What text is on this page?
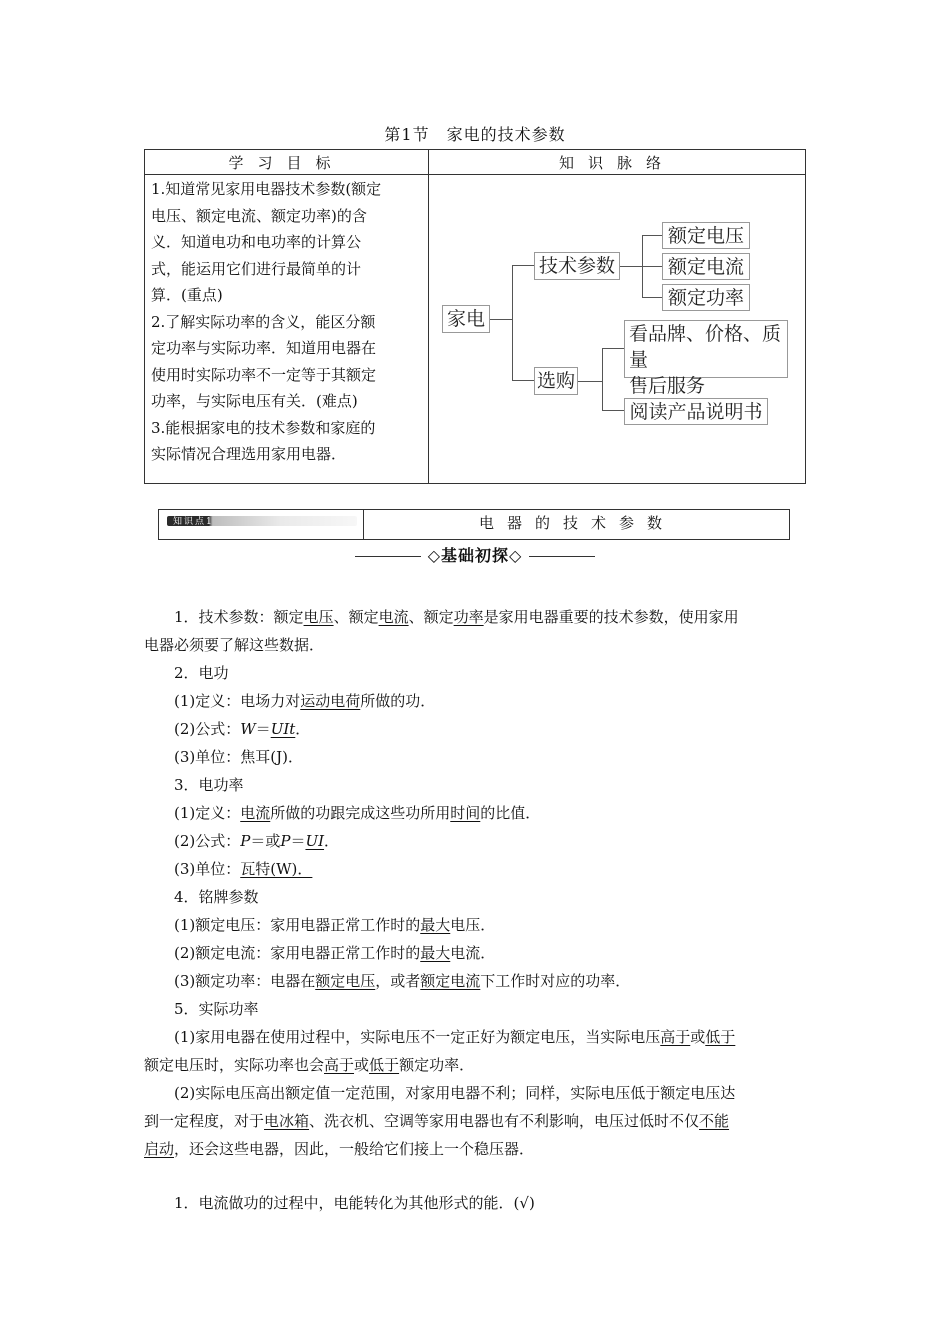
第1节　家电的技术参数
学习目标	知识脉络
1.知道常见家用电器技术参数(额定
电压、额定电流、额定功率)的含
义．知道电功和电功率的计算公
式，能运用它们进行最简单的计
算．(重点)
2.了解实际功率的含义，能区分额
定功率与实际功率．知道用电器在
使用时实际功率不一定等于其额定
功率，与实际电压有关．(难点)
3.能根据家电的技术参数和家庭的
实际情况合理选用家用电器．
家电
技术参数
额定电压
额定电流
额定功率
选购
看品牌、价格、质量
售后服务
阅读产品说明书
知识点1	电器的技术参数
◇基础初探◇
1．技术参数：额定电压、额定电流、额定功率是家用电器重要的技术参数，使用家用
电器必须要了解这些数据．
2．电功
(1)定义：电场力对运动电荷所做的功．
(2)公式：W＝UIt．
(3)单位：焦耳(J)．
3．电功率
(1)定义：电流所做的功跟完成这些功所用时间的比值．
(2)公式：P＝或P＝UI．
(3)单位：瓦特(W)．
4．铭牌参数
(1)额定电压：家用电器正常工作时的最大电压．
(2)额定电流：家用电器正常工作时的最大电流．
(3)额定功率：电器在额定电压，或者额定电流下工作时对应的功率．
5．实际功率
(1)家用电器在使用过程中，实际电压不一定正好为额定电压，当实际电压高于或低于
额定电压时，实际功率也会高于或低于额定功率．
(2)实际电压高出额定值一定范围，对家用电器不利；同样，实际电压低于额定电压达
到一定程度，对于电冰箱、洗衣机、空调等家用电器也有不利影响，电压过低时不仅不能
启动，还会这些电器，因此，一般给它们接上一个稳压器．
1．电流做功的过程中，电能转化为其他形式的能．(√)
